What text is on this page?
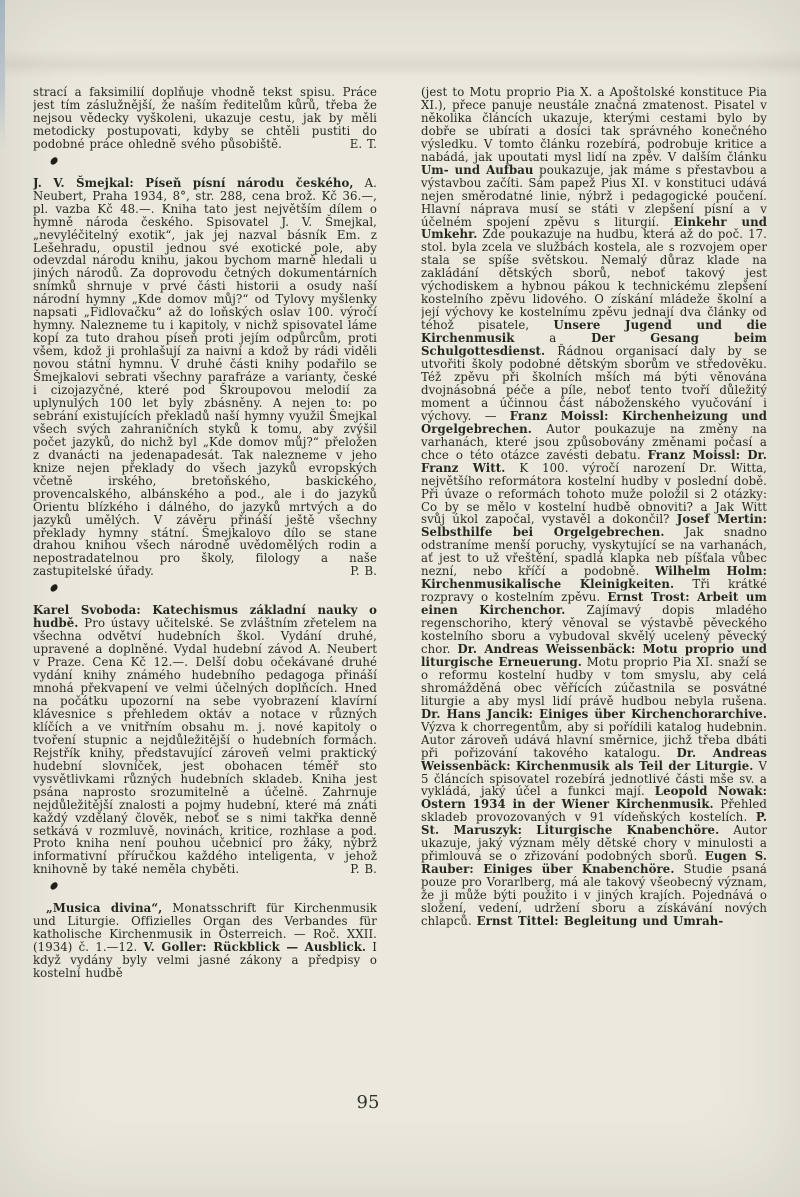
strací a faksimilií doplňuje vhodně tekst spisu. Práce jest tím záslužnější, že naším ředitelům kůrů, třeba že nejsou vědecky vyškoleni, ukazuje cestu, jak by měli metodicky postupovati, kdyby se chtěli pustiti do podobné práce ohledně svého působiště.	E. T.

J. V. Šmejkal: Píseň písní národu českého, A. Neubert, Praha 1934, 8°, str. 288, cena brož. Kč 36.—, pl. vazba Kč 48.—. Kniha tato jest největším dílem o hymně národa českého. Spisovatel J. V. Šmejkal, „nevyléčitelný exotik“, jak jej nazval básník Em. z Lešehradu, opustil jednou své exotické pole, aby odevzdal národu knihu, jakou bychom marně hledali u jiných národů. Za doprovodu četných dokumentárních snímků shrnuje v prvé části historii a osudy naší národní hymny „Kde domov můj?“ od Tylovy myšlenky napsati „Fidlovačku“ až do loňských oslav 100. výročí hymny. Nalezneme tu i kapitoly, v nichž spisovatel láme kopí za tuto drahou píseň proti jejím odpůrcům, proti všem, kdož ji prohlašují za naivní a kdož by rádi viděli novou státní hymnu. V druhé části knihy podařilo se Šmejkalovi sebrati všechny parafráze a varianty, české i cizojazyčné, které pod Škroupovou melodií za uplynulých 100 let byly zbásněny. A nejen to: po sebrání existujících překladů naší hymny využil Šmejkal všech svých zahraničních styků k tomu, aby zvýšil počet jazyků, do nichž byl „Kde domov můj?“ přeložen z dvanácti na jedenapadesát. Tak nalezneme v jeho knize nejen překlady do všech jazyků evropských včetně irského, bretoňského, baskického, provencalského, albánského a pod., ale i do jazyků Orientu blízkého i dálného, do jazyků mrtvých a do jazyků umělých. V závěru přináší ještě všechny překlady hymny státní. Šmejkalovo dílo se stane drahou knihou všech národně uvědomělých rodin a nepostradatelnou pro školy, filology a naše zastupitelské úřady.	P. B.

Karel Svoboda: Katechismus základní nauky o hudbě. Pro ústavy učitelské. Se zvláštním zřetelem na všechna odvětví hudebních škol. Vydání druhé, upravené a doplněné. Vydal hudební závod A. Neubert v Praze. Cena Kč 12.—. Delší dobu očekávané druhé vydání knihy známého hudebního pedagoga přináší mnohá překvapení ve velmi účelných doplňcích. Hned na počátku upozorní na sebe vyobrazení klavírní klávesnice s přehledem oktáv a notace v různých klíčích a ve vnitřním obsahu m. j. nové kapitoly o tvoření stupnic a nejdůležitější o hudebních formách. Rejstřík knihy, představující zároveň velmi praktický hudební slovníček, jest obohacen téměř sto vysvětlivkami různých hudebních skladeb. Kniha jest psána naprosto srozumitelně a účelně. Zahrnuje nejdůležitější znalosti a pojmy hudební, které má znáti každý vzdělaný člověk, neboť se s nimi takřka denně setkává v rozmluvě, novinách, kritice, rozhlase a pod. Proto kniha není pouhou učebnicí pro žáky, nýbrž informativní příručkou každého inteligenta, v jehož knihovně by také neměla chyběti.	P. B.

„Musica divina“, Monatsschrift für Kirchenmusik und Liturgie. Offizielles Organ des Verbandes für katholische Kirchenmusik in Österreich. — Roč. XXII. (1934) č. 1.—12. V. Goller: Rückblick — Ausblick. I když vydány byly velmi jasné zákony a předpisy o kostelní hudbě

(jest to Motu proprio Pia X. a Apoštolské konstituce Pia XI.), přece panuje neustále značná zmatenost. Pisatel v několika článcích ukazuje, kterými cestami bylo by dobře se ubírati a dosíci tak správného konečného výsledku. V tomto článku rozebírá, podrobuje kritice a nabádá, jak upoutati mysl lidí na zpěv. V dalším článku Um- und Aufbau poukazuje, jak máme s přestavbou a výstavbou začíti. Sám papež Pius XI. v konstituci udává nejen směrodatné linie, nýbrž i pedagogické poučení. Hlavní náprava musí se státi v zlepšení písní a v účelném spojení zpěvu s liturgií. Einkehr und Umkehr. Zde poukazuje na hudbu, která až do poč. 17. stol. byla zcela ve službách kostela, ale s rozvojem oper stala se spíše světskou. Nemalý důraz klade na zakládání dětských sborů, neboť takový jest východiskem a hybnou pákou k technickému zlepšení kostelního zpěvu lidového. O získání mládeže školní a její výchovy ke kostelnímu zpěvu jednají dva články od téhož pisatele, Unsere Jugend und die Kirchenmusik a Der Gesang beim Schulgottesdienst. Řádnou organisací daly by se utvořiti školy podobné dětským sborům ve středověku. Též zpěvu při školních mších má býti věnována dvojnásobná péče a píle, neboť tento tvoří důležitý moment a účinnou část náboženského vyučování i výchovy. — Franz Moissl: Kirchenheizung und Orgelgebrechen. Autor poukazuje na změny na varhanách, které jsou způsobovány změnami počasí a chce o této otázce zavésti debatu. Franz Moissl: Dr. Franz Witt. K 100. výročí narození Dr. Witta, největšího reformátora kostelní hudby v poslední době. Při úvaze o reformách tohoto muže položil si 2 otázky: Co by se mělo v kostelní hudbě obnoviti? a Jak Witt svůj úkol započal, vystavěl a dokončil? Josef Mertin: Selbsthilfe bei Orgelgebrechen. Jak snadno odstraníme menší poruchy, vyskytující se na varhanách, ať jest to už vřeštění, spadlá klapka neb píšťala vůbec nezní, nebo kříčí a podobně. Wilhelm Holm: Kirchenmusikalische Kleinigkeiten. Tři krátké rozpravy o kostelním zpěvu. Ernst Trost: Arbeit um einen Kirchenchor. Zajímavý dopis mladého regenschoriho, který věnoval se výstavbě pěveckého kostelního sboru a vybudoval skvělý ucelený pěvecký chor. Dr. Andreas Weissenbäck: Motu proprio und liturgische Erneuerung. Motu proprio Pia XI. snaží se o reformu kostelní hudby v tom smyslu, aby celá shromážděná obec věřících zúčastnila se posvátné liturgie a aby mysl lidí právě hudbou nebyla rušena. Dr. Hans Jancik: Einiges über Kirchenchorarchive. Výzva k chorregentům, aby si pořídili katalog hudebnin. Autor zároveň udává hlavní směrnice, jichž třeba dbáti při pořizování takového katalogu. Dr. Andreas Weissenbäck: Kirchenmusik als Teil der Liturgie. V 5 článcích spisovatel rozebírá jednotlivé části mše sv. a vykládá, jaký účel a funkci mají. Leopold Nowak: Ostern 1934 in der Wiener Kirchenmusik. Přehled skladeb provozovaných v 91 vídeňských kostelích. P. St. Maruszyk: Liturgische Knabenchöre. Autor ukazuje, jaký význam měly dětské chory v minulosti a přimlouvá se o zřizování podobných sborů. Eugen S. Rauber: Einiges über Knabenchöre. Studie psaná pouze pro Vorarlberg, má ale takový všeobecný význam, že ji může býti použito i v jiných krajích. Pojednává o složení, vedení, udržení sboru a získávání nových chlapců. Ernst Tittel: Begleitung und Umrah-

95
